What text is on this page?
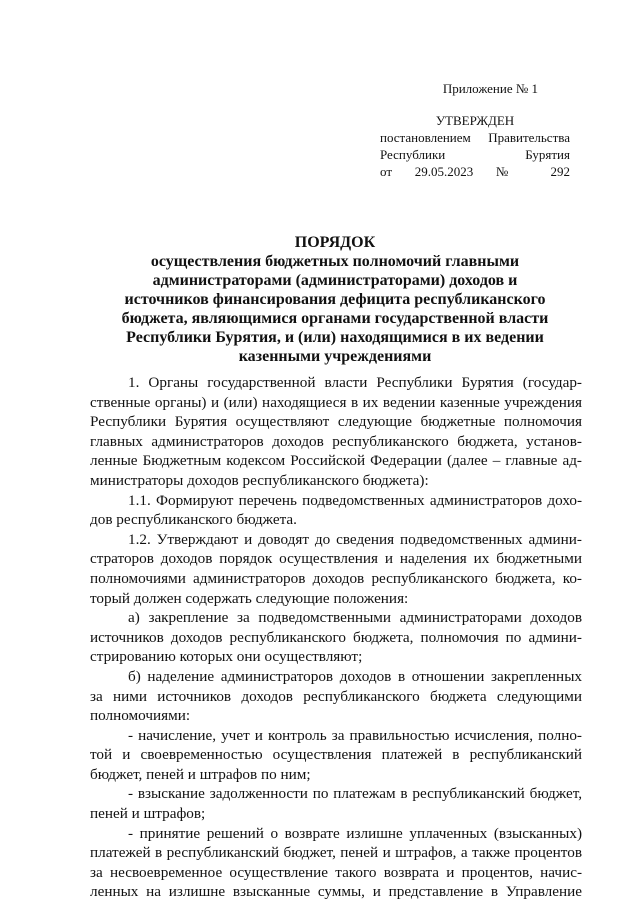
Приложение № 1
УТВЕРЖДЕН
постановлением Правительства
Республики Бурятия
от 29.05.2023 № 292
ПОРЯДОК
осуществления бюджетных полномочий главными
администраторами (администраторами) доходов и
источников финансирования дефицита республиканского
бюджета, являющимися органами государственной власти
Республики Бурятия, и (или) находящимися в их ведении
казенными учреждениями
1. Органы государственной власти Республики Бурятия (государ-
ственные органы) и (или) находящиеся в их ведении казенные учреждения
Республики Бурятия осуществляют следующие бюджетные полномочия
главных администраторов доходов республиканского бюджета, установ-
ленные Бюджетным кодексом Российской Федерации (далее – главные ад-
министраторы доходов республиканского бюджета):
1.1. Формируют перечень подведомственных администраторов дохо-
дов республиканского бюджета.
1.2. Утверждают и доводят до сведения подведомственных админи-
страторов доходов порядок осуществления и наделения их бюджетными
полномочиями администраторов доходов республиканского бюджета, ко-
торый должен содержать следующие положения:
а) закрепление за подведомственными администраторами доходов
источников доходов республиканского бюджета, полномочия по админи-
стрированию которых они осуществляют;
б) наделение администраторов доходов в отношении закрепленных
за ними источников доходов республиканского бюджета следующими
полномочиями:
- начисление, учет и контроль за правильностью исчисления, полно-
той и своевременностью осуществления платежей в республиканский
бюджет, пеней и штрафов по ним;
- взыскание задолженности по платежам в республиканский бюджет,
пеней и штрафов;
- принятие решений о возврате излишне уплаченных (взысканных)
платежей в республиканский бюджет, пеней и штрафов, а также процентов
за несвоевременное осуществление такого возврата и процентов, начис-
ленных на излишне взысканные суммы, и представление в Управление
